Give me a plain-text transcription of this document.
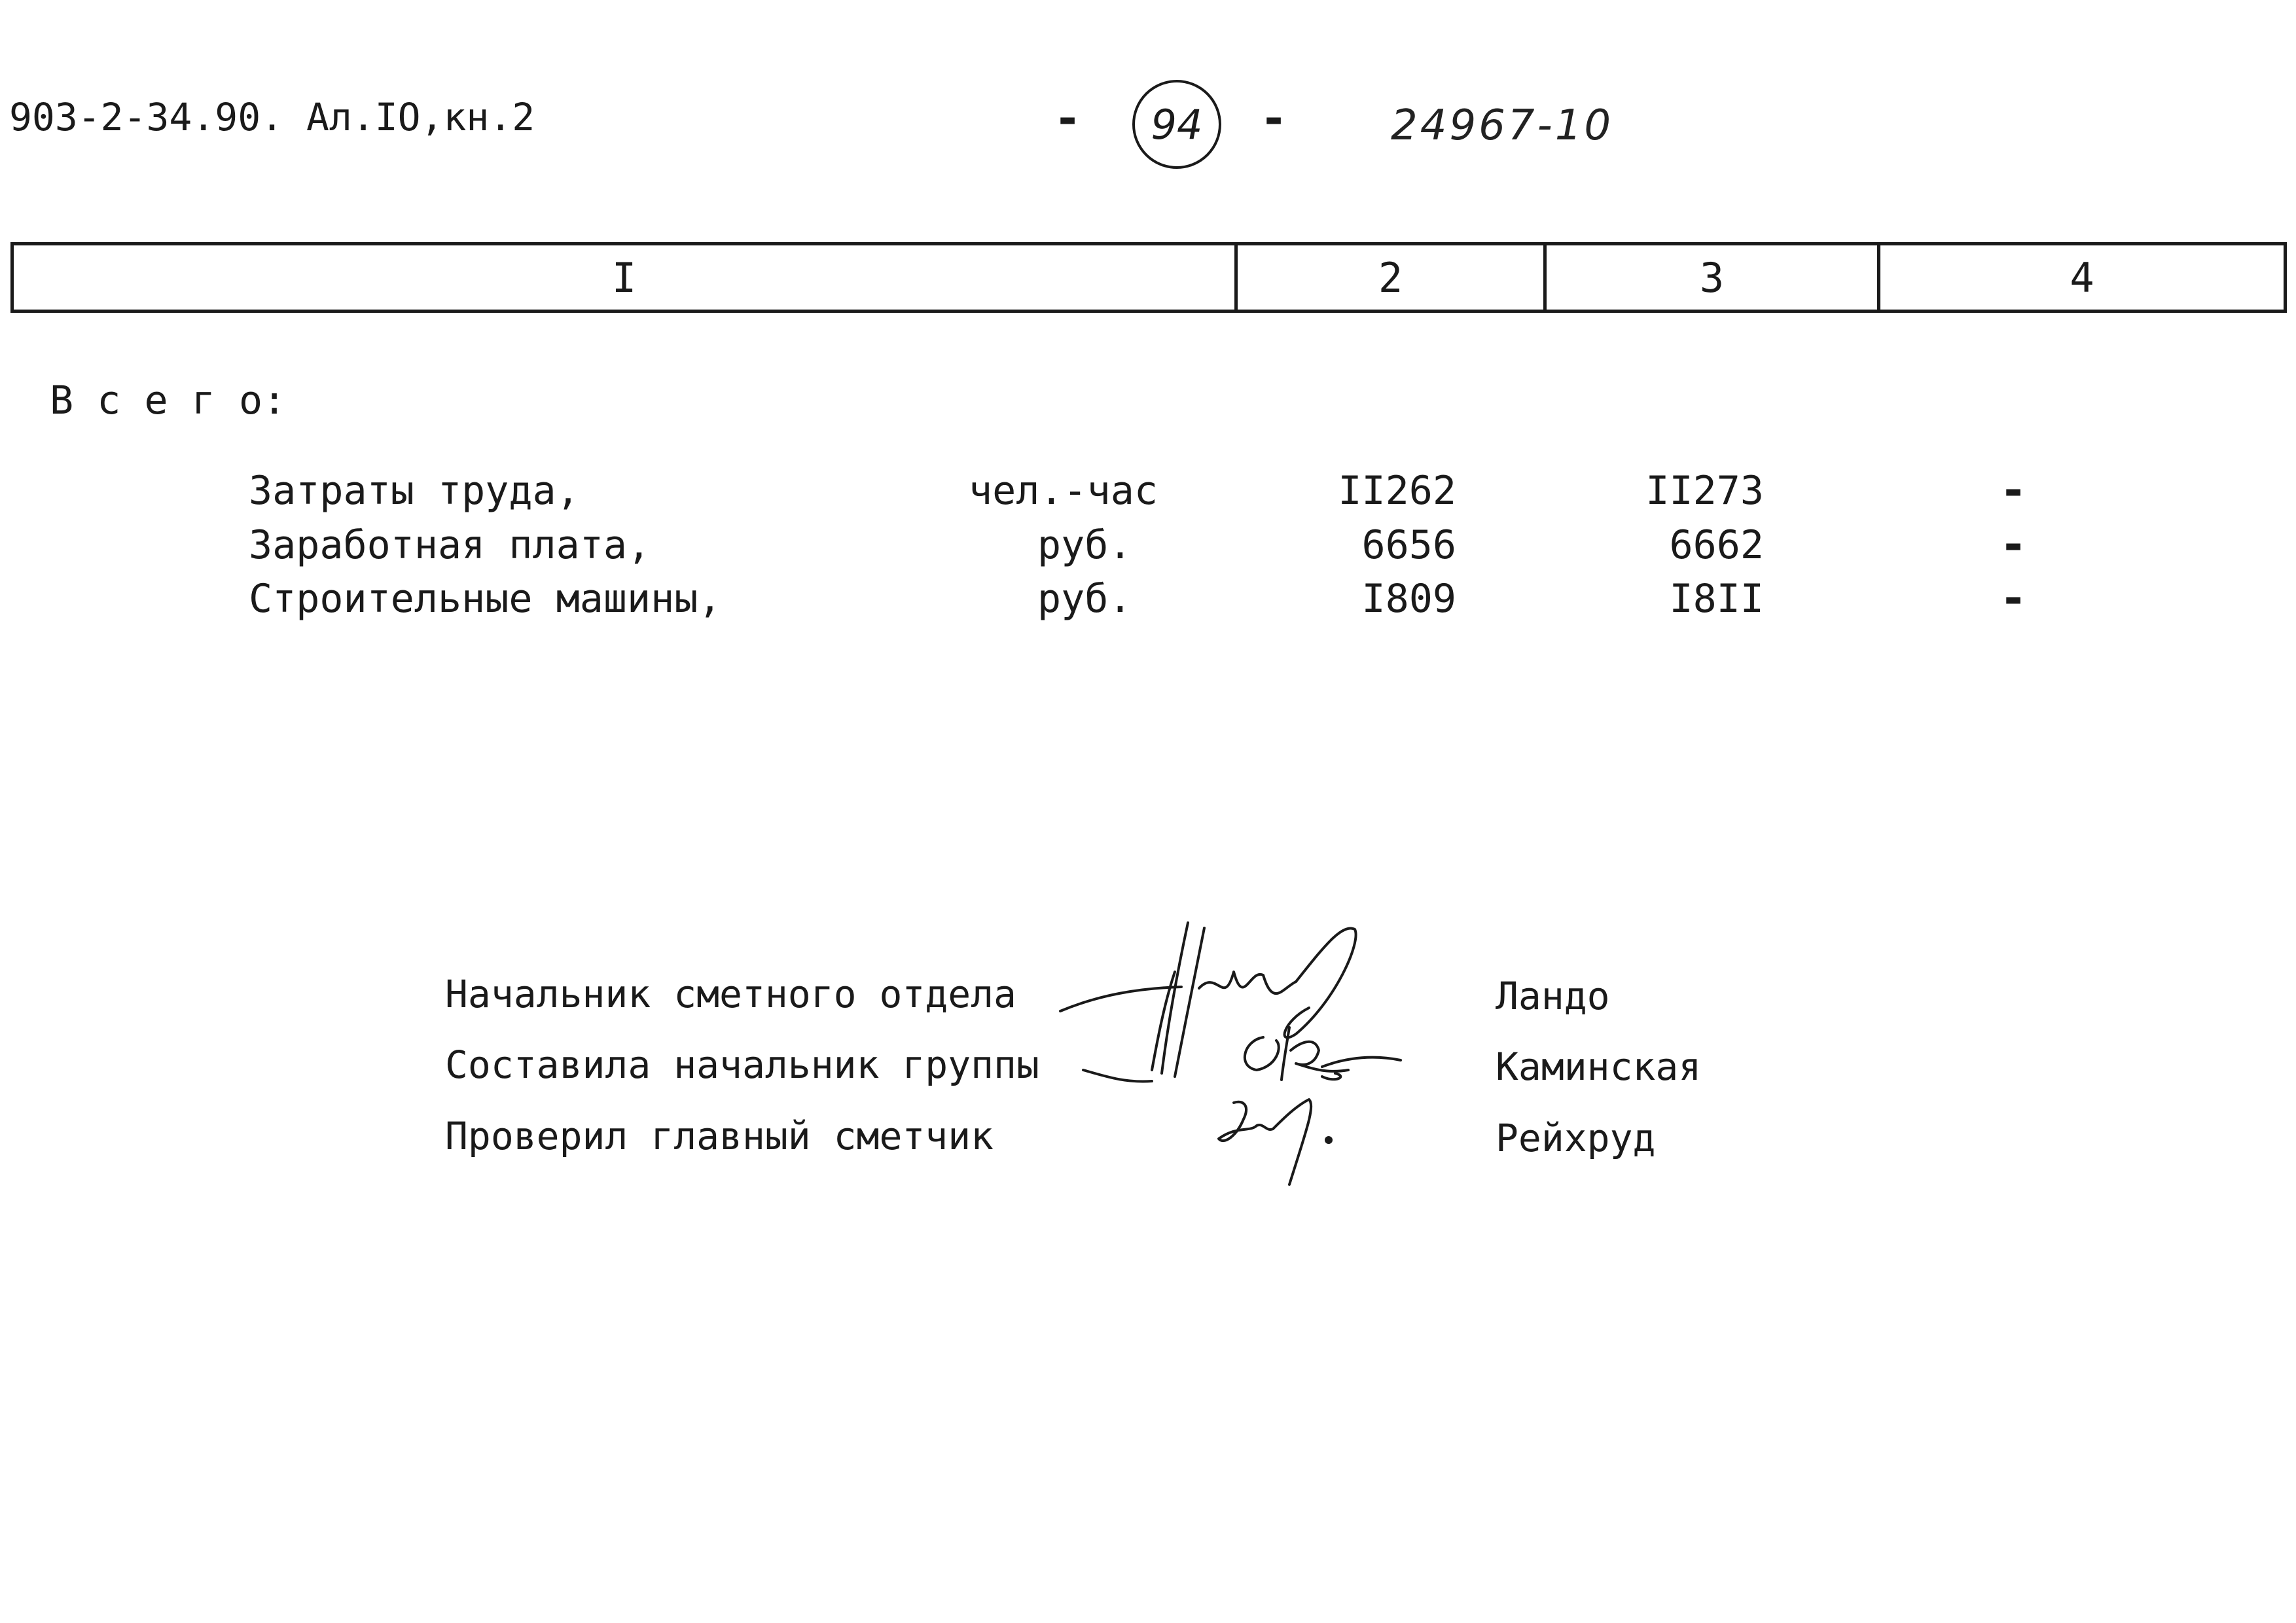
903-2-34.90. Ал.IO,кн.2	- 94 - 24967-10
I	2	3	4
В с е г о:
Затраты труда,	чел.-час	II262	II273	-
Заработная плата,	руб.	6656	6662	-
Строительные машины,	руб.	I809	I8II	-
Начальник сметного отдела	Ландо
Составила начальник группы	Каминская
Проверил главный сметчик	Рейхруд
